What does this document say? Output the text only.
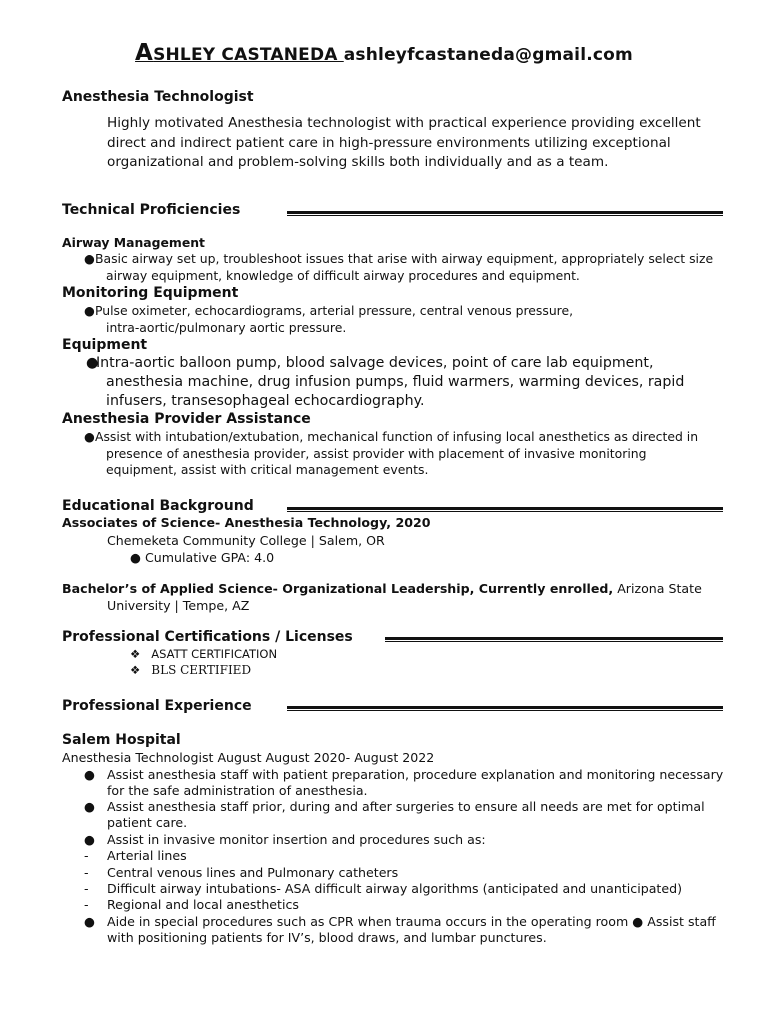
ASHLEY CASTANEDA ashleyfcastaneda@gmail.com
Anesthesia Technologist
Highly motivated Anesthesia technologist with practical experience providing excellent direct and indirect patient care in high-pressure environments utilizing exceptional organizational and problem-solving skills both individually and as a team.
Technical Proficiencies
Airway Management
● Basic airway set up, troubleshoot issues that arise with airway equipment, appropriately select size airway equipment, knowledge of difficult airway procedures and equipment.
Monitoring Equipment
● Pulse oximeter, echocardiograms, arterial pressure, central venous pressure, intra-aortic/pulmonary aortic pressure.
Equipment
●
Intra-aortic balloon pump, blood salvage devices, point of care lab equipment, anesthesia machine, drug infusion pumps, fluid warmers, warming devices, rapid infusers, transesophageal echocardiography.
Anesthesia Provider Assistance
● Assist with intubation/extubation, mechanical function of infusing local anesthetics as directed in presence of anesthesia provider, assist provider with placement of invasive monitoring equipment, assist with critical management events.
Educational Background
Associates of Science- Anesthesia Technology, 2020
Chemeketa Community College | Salem, OR
● Cumulative GPA: 4.0
Bachelor’s of Applied Science- Organizational Leadership, Currently enrolled, Arizona State
University | Tempe, AZ
Professional Certifications / Licenses
❖   ASATT CERTIFICATION
❖   BLS CERTIFIED
Professional Experience
Salem Hospital
Anesthesia Technologist August August 2020- August 2022
● Assist anesthesia staff with patient preparation, procedure explanation and monitoring necessary for the safe administration of anesthesia.
● Assist anesthesia staff prior, during and after surgeries to ensure all needs are met for optimal patient care.
● Assist in invasive monitor insertion and procedures such as:
- Arterial lines
- Central venous lines and Pulmonary catheters
- Difficult airway intubations- ASA difficult airway algorithms (anticipated and unanticipated)
- Regional and local anesthetics
● Aide in special procedures such as CPR when trauma occurs in the operating room ● Assist staff with positioning patients for IV’s, blood draws, and lumbar punctures.
